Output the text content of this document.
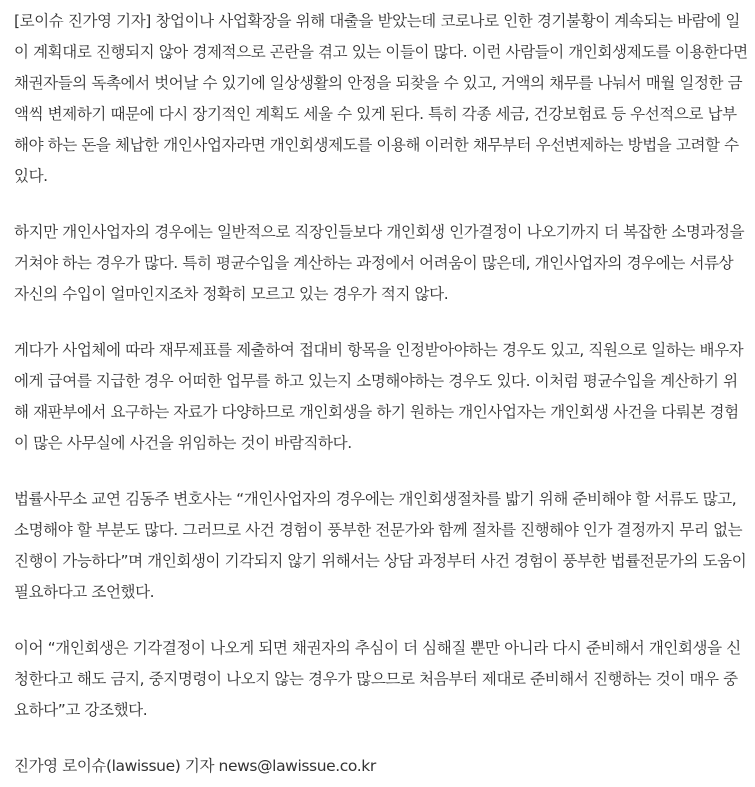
[로이슈 진가영 기자] 창업이나 사업확장을 위해 대출을 받았는데 코로나로 인한 경기불황이 계속되는 바람에 일이 계획대로 진행되지 않아 경제적으로 곤란을 겪고 있는 이들이 많다. 이런 사람들이 개인회생제도를 이용한다면 채권자들의 독촉에서 벗어날 수 있기에 일상생활의 안정을 되찾을 수 있고, 거액의 채무를 나눠서 매월 일정한 금액씩 변제하기 때문에 다시 장기적인 계획도 세울 수 있게 된다. 특히 각종 세금, 건강보험료 등 우선적으로 납부해야 하는 돈을 체납한 개인사업자라면 개인회생제도를 이용해 이러한 채무부터 우선변제하는 방법을 고려할 수 있다.

하지만 개인사업자의 경우에는 일반적으로 직장인들보다 개인회생 인가결정이 나오기까지 더 복잡한 소명과정을 거쳐야 하는 경우가 많다. 특히 평균수입을 계산하는 과정에서 어려움이 많은데, 개인사업자의 경우에는 서류상 자신의 수입이 얼마인지조차 정확히 모르고 있는 경우가 적지 않다.

게다가 사업체에 따라 재무제표를 제출하여 접대비 항목을 인정받아야하는 경우도 있고, 직원으로 일하는 배우자에게 급여를 지급한 경우 어떠한 업무를 하고 있는지 소명해야하는 경우도 있다. 이처럼 평균수입을 계산하기 위해 재판부에서 요구하는 자료가 다양하므로 개인회생을 하기 원하는 개인사업자는 개인회생 사건을 다뤄본 경험이 많은 사무실에 사건을 위임하는 것이 바람직하다.

법률사무소 교연 김동주 변호사는 “개인사업자의 경우에는 개인회생절차를 밟기 위해 준비해야 할 서류도 많고, 소명해야 할 부분도 많다. 그러므로 사건 경험이 풍부한 전문가와 함께 절차를 진행해야 인가 결정까지 무리 없는 진행이 가능하다”며 개인회생이 기각되지 않기 위해서는 상담 과정부터 사건 경험이 풍부한 법률전문가의 도움이 필요하다고 조언했다.

이어 “개인회생은 기각결정이 나오게 되면 채권자의 추심이 더 심해질 뿐만 아니라 다시 준비해서 개인회생을 신청한다고 해도 금지, 중지명령이 나오지 않는 경우가 많으므로 처음부터 제대로 준비해서 진행하는 것이 매우 중요하다”고 강조했다.

진가영 로이슈(lawissue) 기자 news@lawissue.co.kr
